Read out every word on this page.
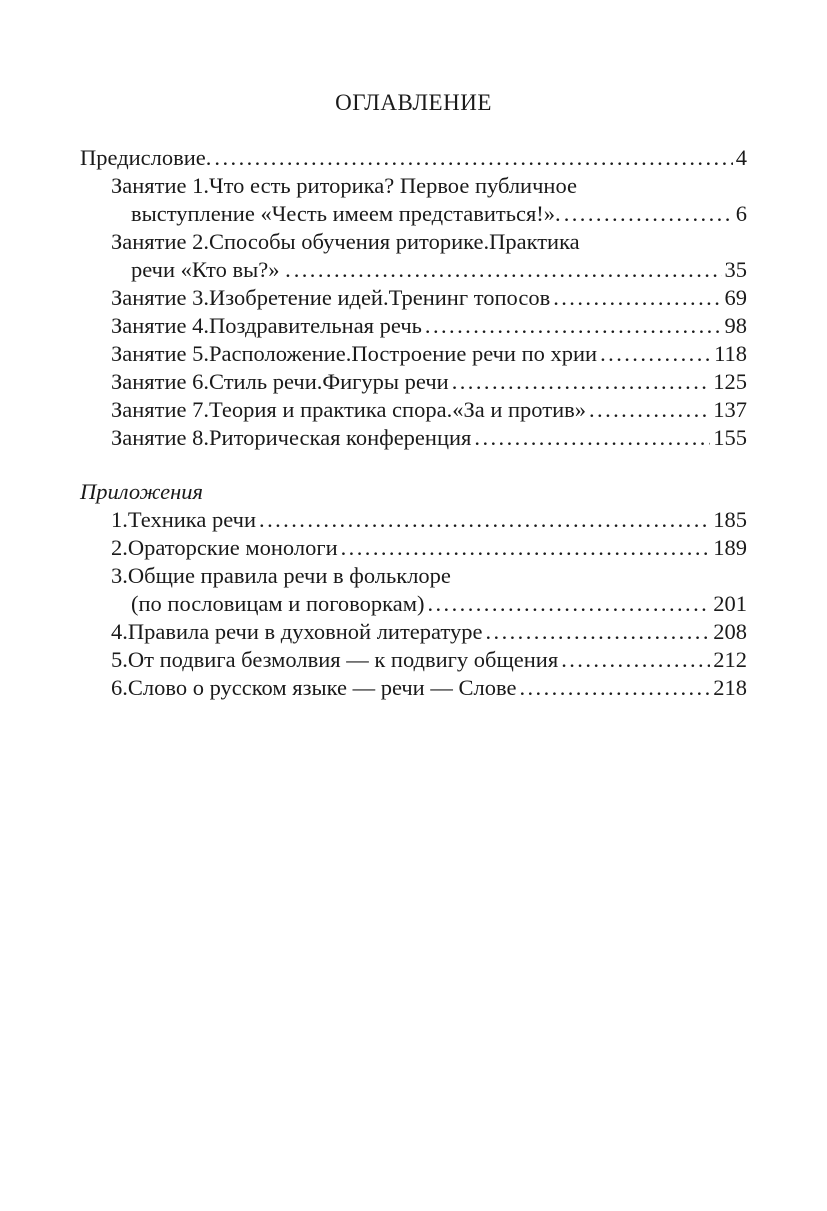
ОГЛАВЛЕНИЕ
Предисловие. . . .	4
Занятие 1.Что есть риторика? Первое публичное
выступление «Честь имеем представиться!». . . .	6
Занятие 2.Способы обучения риторике.Практика
речи «Кто вы?» . . . .	35
Занятие 3.Изобретение идей.Тренинг топосов . . .	69
Занятие 4.Поздравительная речь . . .	98
Занятие 5.Расположение.Построение речи по хрии . . .	118
Занятие 6.Стиль речи.Фигуры речи . . .	125
Занятие 7.Теория и практика спора.«За и против» . . .	137
Занятие 8.Риторическая конференция . . .	155
Приложения
1.Техника речи . . .	185
2.Ораторские монологи . . .	189
3.Общие правила речи в фольклоре
(по пословицам и поговоркам) . . .	201
4.Правила речи в духовной литературе . . .	208
5.От подвига безмолвия — к подвигу общения . . .	212
6.Слово о русском языке — речи — Слове . . .	218
